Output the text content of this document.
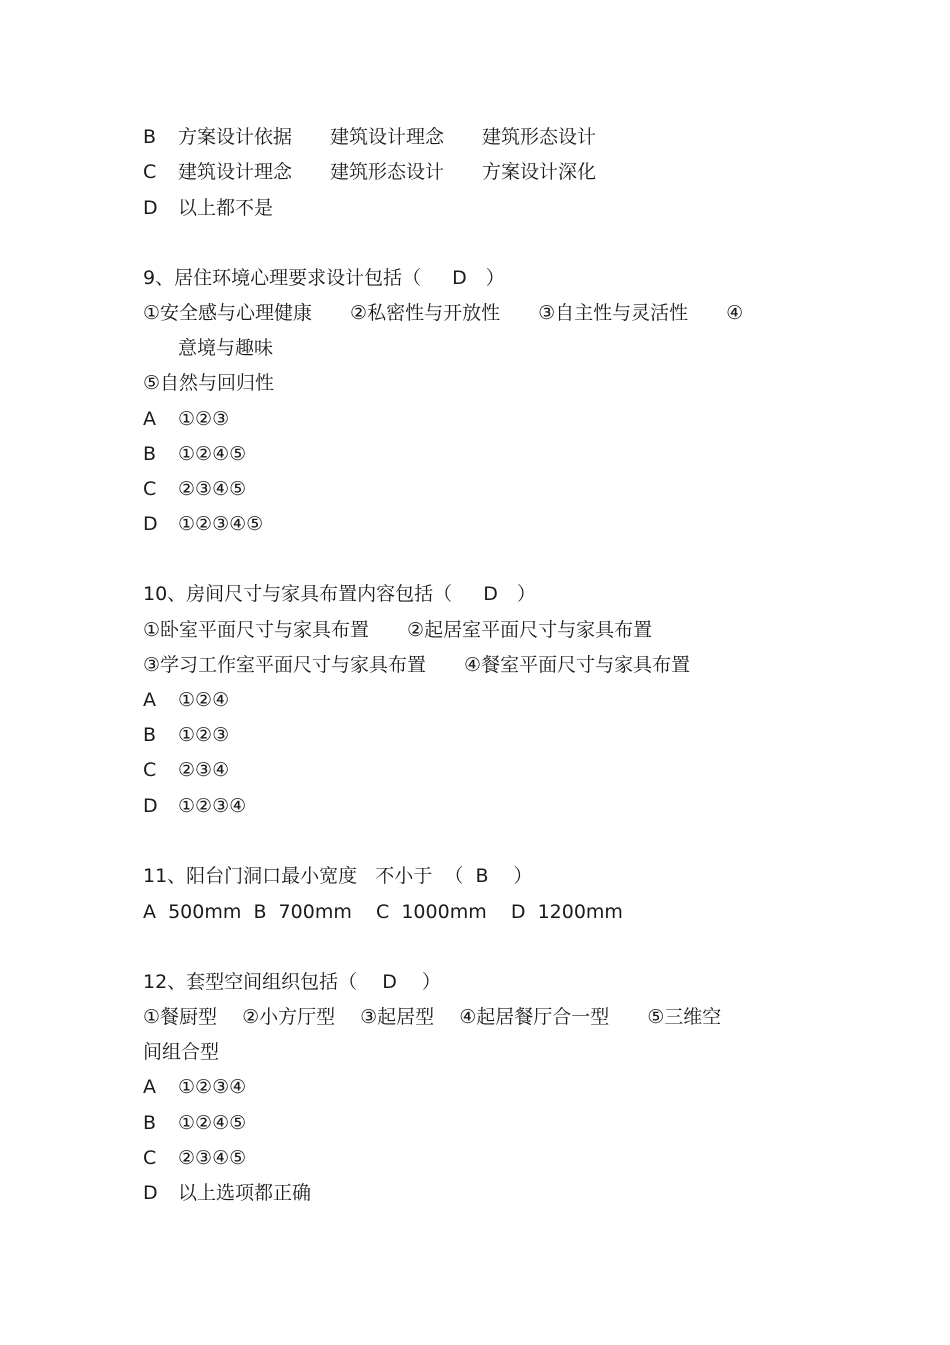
B 方案设计依据　　建筑设计理念　　建筑形态设计
C 建筑设计理念　　建筑形态设计　　方案设计深化
D 以上都不是
9、居住环境心理要求设计包括（　  D　）
①安全感与心理健康　　②私密性与开放性　　③自主性与灵活性　　④
意境与趣味
⑤自然与回归性
A ①②③
B ①②④⑤
C ②③④⑤
D ①②③④⑤
10、房间尺寸与家具布置内容包括（　  D　）
①卧室平面尺寸与家具布置　　②起居室平面尺寸与家具布置
③学习工作室平面尺寸与家具布置　　④餐室平面尺寸与家具布置
A ①②④
B ①②③
C ②③④
D ①②③④
11、阳台门洞口最小宽度   不小于  （  B　 ）
A  500mm  B  700mm    C  1000mm    D  1200mm
12、套型空间组织包括（　 D　 ）
①餐厨型　 ②小方厅型　 ③起居型　 ④起居餐厅合一型　　⑤三维空
间组合型
A ①②③④
B ①②④⑤
C ②③④⑤
D 以上选项都正确
